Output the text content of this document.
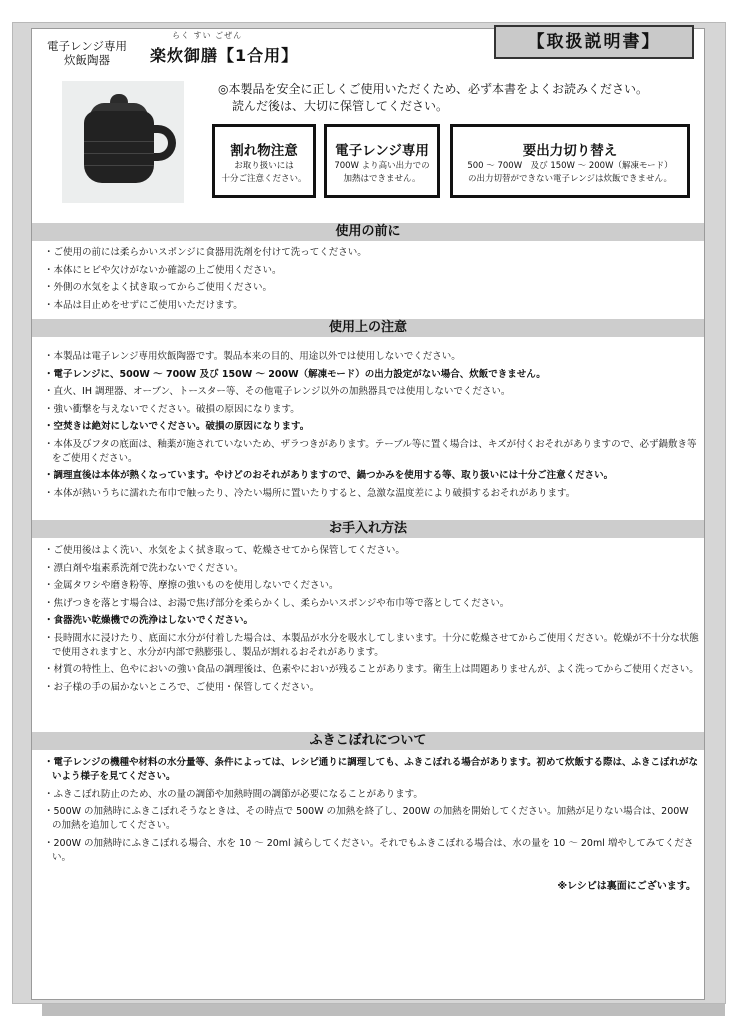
電子レンジ専用
炊飯陶器
らく すい ごぜん
楽炊御膳【1合用】
【取扱説明書】
◎本製品を安全に正しくご使用いただくため、必ず本書をよくお読みください。
読んだ後は、大切に保管してください。
割れ物注意
お取り扱いには
十分ご注意ください。
電子レンジ専用
700W より高い出力での
加熱はできません。
要出力切り替え
500 ～ 700W　及び 150W ～ 200W（解凍モード）
の出力切替ができない電子レンジは炊飯できません。
使用の前に
・ ご使用の前には柔らかいスポンジに食器用洗剤を付けて洗ってください。
・ 本体にヒビや欠けがないか確認の上ご使用ください。
・ 外側の水気をよく拭き取ってからご使用ください。
・ 本品は目止めをせずにご使用いただけます。
使用上の注意
・ 本製品は電子レンジ専用炊飯陶器です。製品本来の目的、用途以外では使用しないでください。
・ 電子レンジに、500W ～ 700W 及び 150W ～ 200W（解凍モード）の出力設定がない場合、炊飯できません。
・ 直火、IH 調理器、オーブン、トースター等、その他電子レンジ以外の加熱器具では使用しないでください。
・ 強い衝撃を与えないでください。破損の原因になります。
・ 空焚きは絶対にしないでください。破損の原因になります。
・ 本体及びフタの底面は、釉薬が施されていないため、ザラつきがあります。テーブル等に置く場合は、キズが付くおそれがありますので、必ず鍋敷き等をご使用ください。
・ 調理直後は本体が熱くなっています。やけどのおそれがありますので、鍋つかみを使用する等、取り扱いには十分ご注意ください。
・ 本体が熱いうちに濡れた布巾で触ったり、冷たい場所に置いたりすると、急激な温度差により破損するおそれがあります。
お手入れ方法
・ ご使用後はよく洗い、水気をよく拭き取って、乾燥させてから保管してください。
・ 漂白剤や塩素系洗剤で洗わないでください。
・ 金属タワシや磨き粉等、摩擦の強いものを使用しないでください。
・ 焦げつきを落とす場合は、お湯で焦げ部分を柔らかくし、柔らかいスポンジや布巾等で落としてください。
・ 食器洗い乾燥機での洗浄はしないでください。
・ 長時間水に浸けたり、底面に水分が付着した場合は、本製品が水分を吸水してしまいます。十分に乾燥させてからご使用ください。乾燥が不十分な状態で使用されますと、水分が内部で熱膨張し、製品が割れるおそれがあります。
・ 材質の特性上、色やにおいの強い食品の調理後は、色素やにおいが残ることがあります。衛生上は問題ありませんが、よく洗ってからご使用ください。
・ お子様の手の届かないところで、ご使用・保管してください。
ふきこぼれについて
・ 電子レンジの機種や材料の水分量等、条件によっては、レシピ通りに調理しても、ふきこぼれる場合があります。初めて炊飯する際は、ふきこぼれがないよう様子を見てください。
・ ふきこぼれ防止のため、水の量の調節や加熱時間の調節が必要になることがあります。
・ 500W の加熱時にふきこぼれそうなときは、その時点で 500W の加熱を終了し、200W の加熱を開始してください。加熱が足りない場合は、200W の加熱を追加してください。
・ 200W の加熱時にふきこぼれる場合、水を 10 ～ 20ml 減らしてください。それでもふきこぼれる場合は、水の量を 10 ～ 20ml 増やしてみてください。
※レシピは裏面にございます。
